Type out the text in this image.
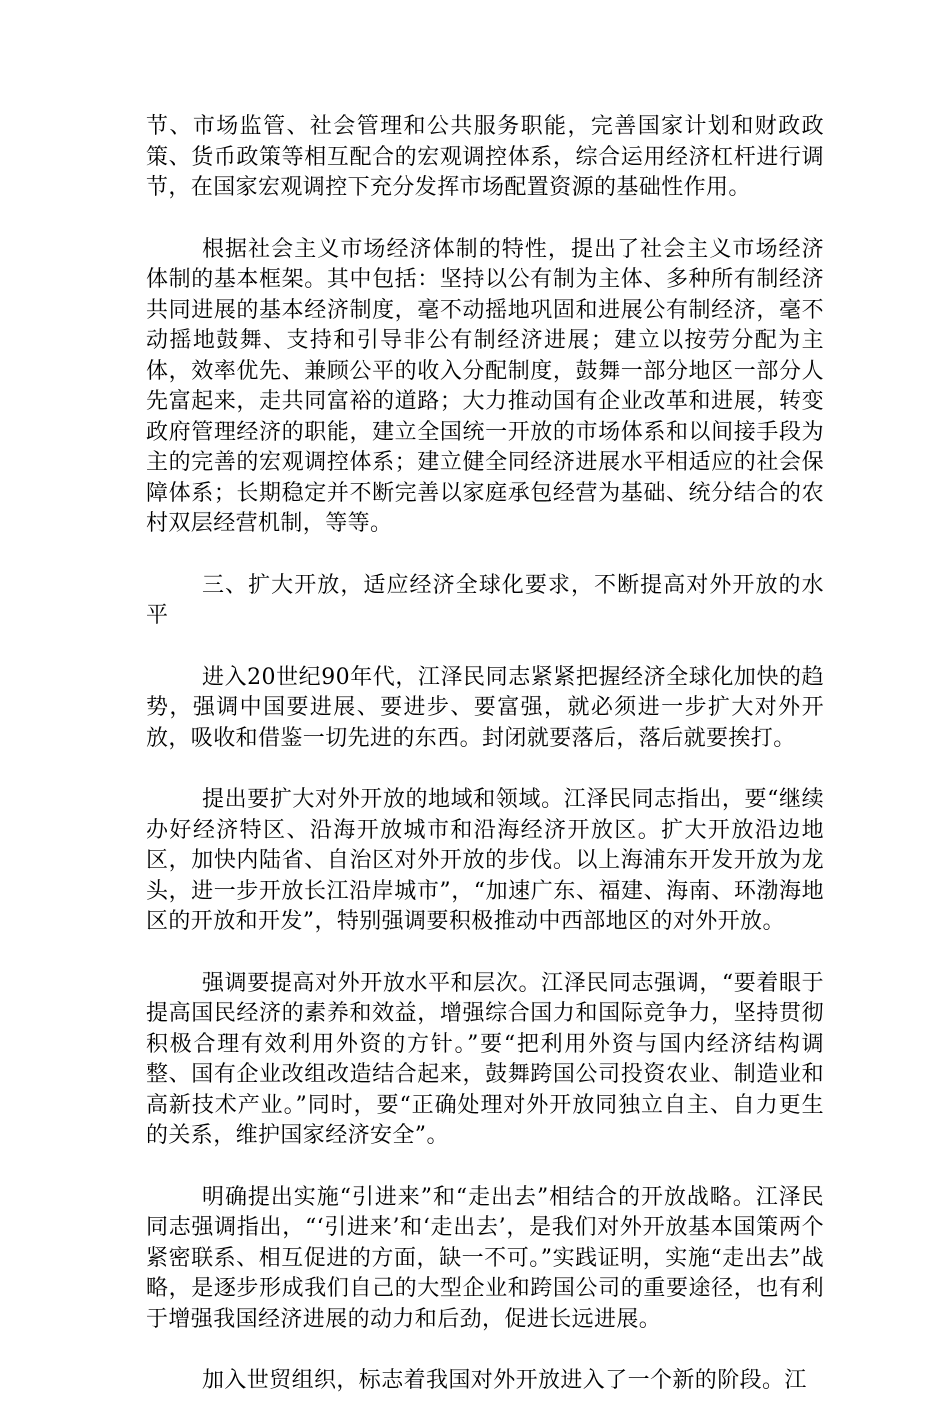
节、市场监管、社会管理和公共服务职能，完善国家计划和财政政策、货币政策等相互配合的宏观调控体系，综合运用经济杠杆进行调节，在国家宏观调控下充分发挥市场配置资源的基础性作用。

根据社会主义市场经济体制的特性，提出了社会主义市场经济体制的基本框架。其中包括：坚持以公有制为主体、多种所有制经济共同进展的基本经济制度，毫不动摇地巩固和进展公有制经济，毫不动摇地鼓舞、支持和引导非公有制经济进展；建立以按劳分配为主体，效率优先、兼顾公平的收入分配制度，鼓舞一部分地区一部分人先富起来，走共同富裕的道路；大力推动国有企业改革和进展，转变政府管理经济的职能，建立全国统一开放的市场体系和以间接手段为主的完善的宏观调控体系；建立健全同经济进展水平相适应的社会保障体系；长期稳定并不断完善以家庭承包经营为基础、统分结合的农村双层经营机制，等等。

三、扩大开放，适应经济全球化要求，不断提高对外开放的水平

进入20世纪90年代，江泽民同志紧紧把握经济全球化加快的趋势，强调中国要进展、要进步、要富强，就必须进一步扩大对外开放，吸收和借鉴一切先进的东西。封闭就要落后，落后就要挨打。

提出要扩大对外开放的地域和领域。江泽民同志指出，要“继续办好经济特区、沿海开放城市和沿海经济开放区。扩大开放沿边地区，加快内陆省、自治区对外开放的步伐。以上海浦东开发开放为龙头，进一步开放长江沿岸城市”，“加速广东、福建、海南、环渤海地区的开放和开发”，特别强调要积极推动中西部地区的对外开放。

强调要提高对外开放水平和层次。江泽民同志强调，“要着眼于提高国民经济的素养和效益，增强综合国力和国际竞争力，坚持贯彻积极合理有效利用外资的方针。”要“把利用外资与国内经济结构调整、国有企业改组改造结合起来，鼓舞跨国公司投资农业、制造业和高新技术产业。”同时，要“正确处理对外开放同独立自主、自力更生的关系，维护国家经济安全”。

明确提出实施“引进来”和“走出去”相结合的开放战略。江泽民同志强调指出，“‘引进来’和‘走出去’，是我们对外开放基本国策两个紧密联系、相互促进的方面，缺一不可。”实践证明，实施“走出去”战略，是逐步形成我们自己的大型企业和跨国公司的重要途径，也有利于增强我国经济进展的动力和后劲，促进长远进展。

加入世贸组织，标志着我国对外开放进入了一个新的阶段。江
